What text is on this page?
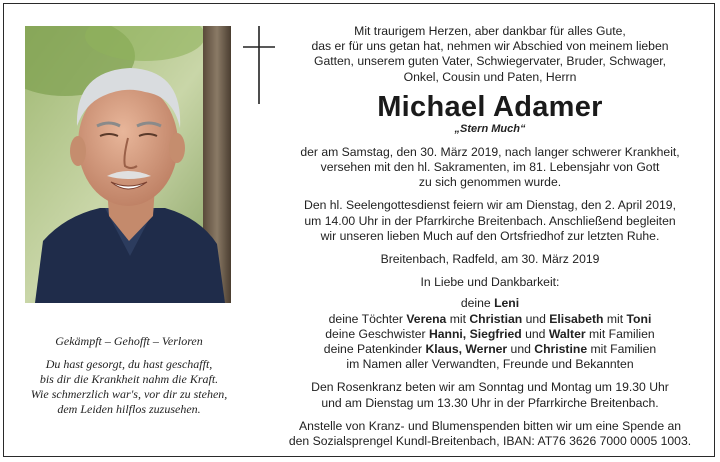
Gekämpft – Gehofft – Verloren
Du hast gesorgt, du hast geschafft,
bis dir die Krankheit nahm die Kraft.
Wie schmerzlich war's, vor dir zu stehen,
dem Leiden hilflos zuzusehen.

Mit traurigem Herzen, aber dankbar für alles Gute,

das er für uns getan hat, nehmen wir Abschied von meinem lieben

Gatten, unserem guten Vater, Schwiegervater, Bruder, Schwager,

Onkel, Cousin und Paten, Herrn

Michael Adamer

„Stern Much“

der am Samstag, den 30. März 2019, nach langer schwerer Krankheit,

versehen mit den hl. Sakramenten, im 81. Lebensjahr von Gott

zu sich genommen wurde.

Den hl. Seelengottesdienst feiern wir am Dienstag, den 2. April 2019,

um 14.00 Uhr in der Pfarrkirche Breitenbach. Anschließend begleiten

wir unseren lieben Much auf den Ortsfriedhof zur letzten Ruhe.

Breitenbach, Radfeld, am 30. März 2019

In Liebe und Dankbarkeit:

deine Leni

deine Töchter Verena mit Christian und Elisabeth mit Toni

deine Geschwister Hanni, Siegfried und Walter mit Familien

deine Patenkinder Klaus, Werner und Christine mit Familien

im Namen aller Verwandten, Freunde und Bekannten

Den Rosenkranz beten wir am Sonntag und Montag um 19.30 Uhr

und am Dienstag um 13.30 Uhr in der Pfarrkirche Breitenbach.

Anstelle von Kranz- und Blumenspenden bitten wir um eine Spende an

den Sozialsprengel Kundl-Breitenbach, IBAN: AT76 3626 7000 0005 1003.
